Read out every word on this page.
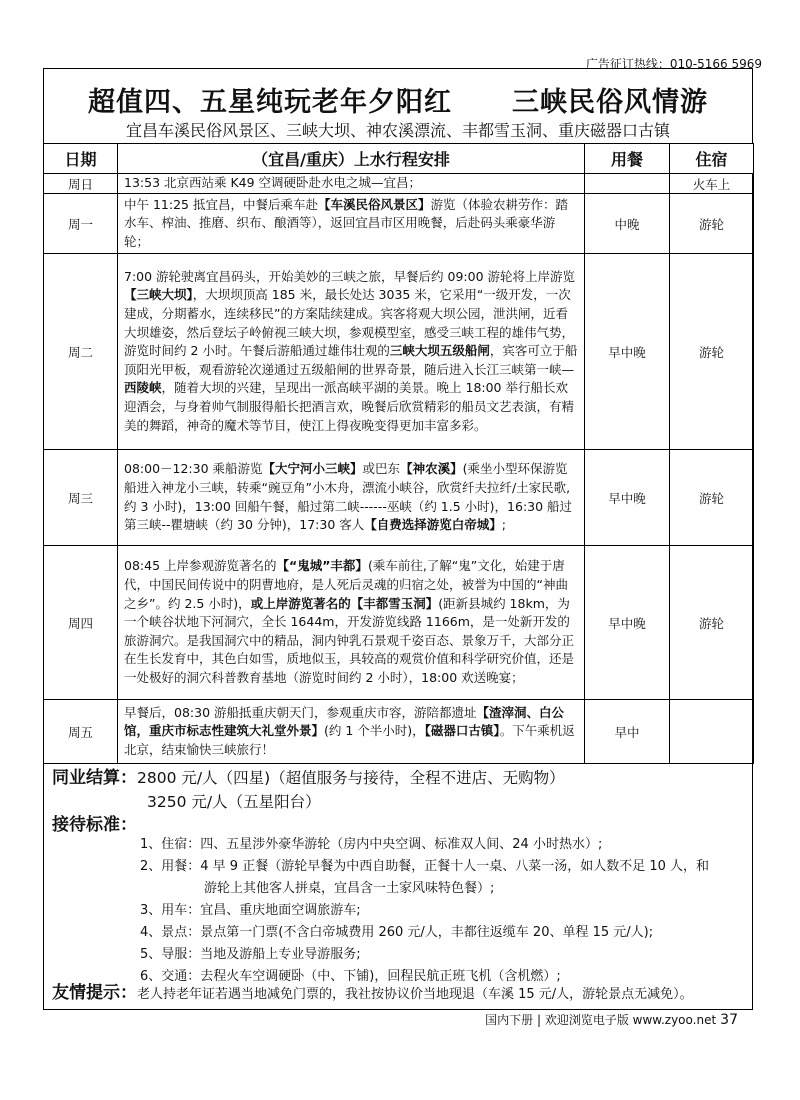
广告征订热线：010-5166 5969
超值四、五星纯玩老年夕阳红 三峡民俗风情游
宜昌车溪民俗风景区、三峡大坝、神农溪漂流、丰都雪玉洞、重庆磁器口古镇
日期	（宜昌/重庆）上水行程安排	用餐	住宿
周日	13:53 北京西站乘 K49 空调硬卧赴水电之城—宜昌；		火车上
周一	中午 11:25 抵宜昌，中餐后乘车赴【车溪民俗风景区】游览（体验农耕劳作：踏水车、榨油、推磨、织布、酿酒等），返回宜昌市区用晚餐，后赴码头乘豪华游轮；	中晚	游轮
周二	7:00 游轮驶离宜昌码头，开始美妙的三峡之旅，早餐后约 09:00 游轮将上岸游览【三峡大坝】，大坝坝顶高 185 米，最长处达 3035 米，它采用“一级开发，一次建成，分期蓄水，连续移民”的方案陆续建成。宾客将观大坝公园，泄洪闸，近看大坝雄姿，然后登坛子岭俯视三峡大坝，参观模型室，感受三峡工程的雄伟气势，游览时间约 2 小时。午餐后游船通过雄伟壮观的三峡大坝五级船闸，宾客可立于船顶阳光甲板，观看游轮次递通过五级船闸的世界奇景，随后进入长江三峡第一峡—西陵峡，随着大坝的兴建，呈现出一派高峡平湖的美景。晚上 18:00 举行船长欢迎酒会，与身着帅气制服得船长把酒言欢，晚餐后欣赏精彩的船员文艺表演，有精美的舞蹈，神奇的魔术等节目，使江上得夜晚变得更加丰富多彩。	早中晚	游轮
周三	08:00－12:30 乘船游览【大宁河小三峡】或巴东【神农溪】(乘坐小型环保游览船进入神龙小三峡，转乘“豌豆角”小木舟，漂流小峡谷，欣赏纤夫拉纤/土家民歌,约 3 小时)，13:00 回船午餐，船过第二峡------巫峡（约 1.5 小时)，16:30 船过第三峡--瞿塘峡（约 30 分钟)，17:30 客人【自费选择游览白帝城】;	早中晚	游轮
周四	08:45 上岸参观游览著名的【“鬼城”丰都】(乘车前往,了解“鬼”文化，始建于唐代，中国民间传说中的阴曹地府，是人死后灵魂的归宿之处，被誉为中国的“神曲之乡”。约 2.5 小时)，或上岸游览著名的【丰都雪玉洞】(距新县城约 18km，为一个峡谷状地下河洞穴，全长 1644m，开发游览线路 1166m，是一处新开发的旅游洞穴。是我国洞穴中的精品，洞内钟乳石景观千姿百态、景象万千，大部分正在生长发育中，其色白如雪，质地似玉，具较高的观赏价值和科学研究价值，还是一处极好的洞穴科普教育基地（游览时间约 2 小时），18:00 欢送晚宴；	早中晚	游轮
周五	早餐后，08:30 游船抵重庆朝天门，参观重庆市容，游陪都遗址【渣滓洞、白公馆，重庆市标志性建筑大礼堂外景】(约 1 个半小时)，【磁器口古镇】。下午乘机返北京，结束愉快三峡旅行！	早中	
同业结算：2800 元/人（四星)（超值服务与接待，全程不进店、无购物）
3250 元/人（五星阳台）
接待标准：
1、住宿：四、五星涉外豪华游轮（房内中央空调、标准双人间、24 小时热水）;
2、用餐：4 早 9 正餐（游轮早餐为中西自助餐，正餐十人一桌、八菜一汤，如人数不足 10 人，和
游轮上其他客人拼桌，宜昌含一土家风味特色餐）;
3、用车：宜昌、重庆地面空调旅游车;
4、景点：景点第一门票(不含白帝城费用 260 元/人，丰都往返缆车 20、单程 15 元/人);
5、导服：当地及游船上专业导游服务;
6、交通：去程火车空调硬卧（中、下铺)，回程民航正班飞机（含机燃）;
友情提示：老人持老年证若遇当地减免门票的，我社按协议价当地现退（车溪 15 元/人，游轮景点无减免）。
国内下册 | 欢迎浏览电子版 www.zyoo.net 37
